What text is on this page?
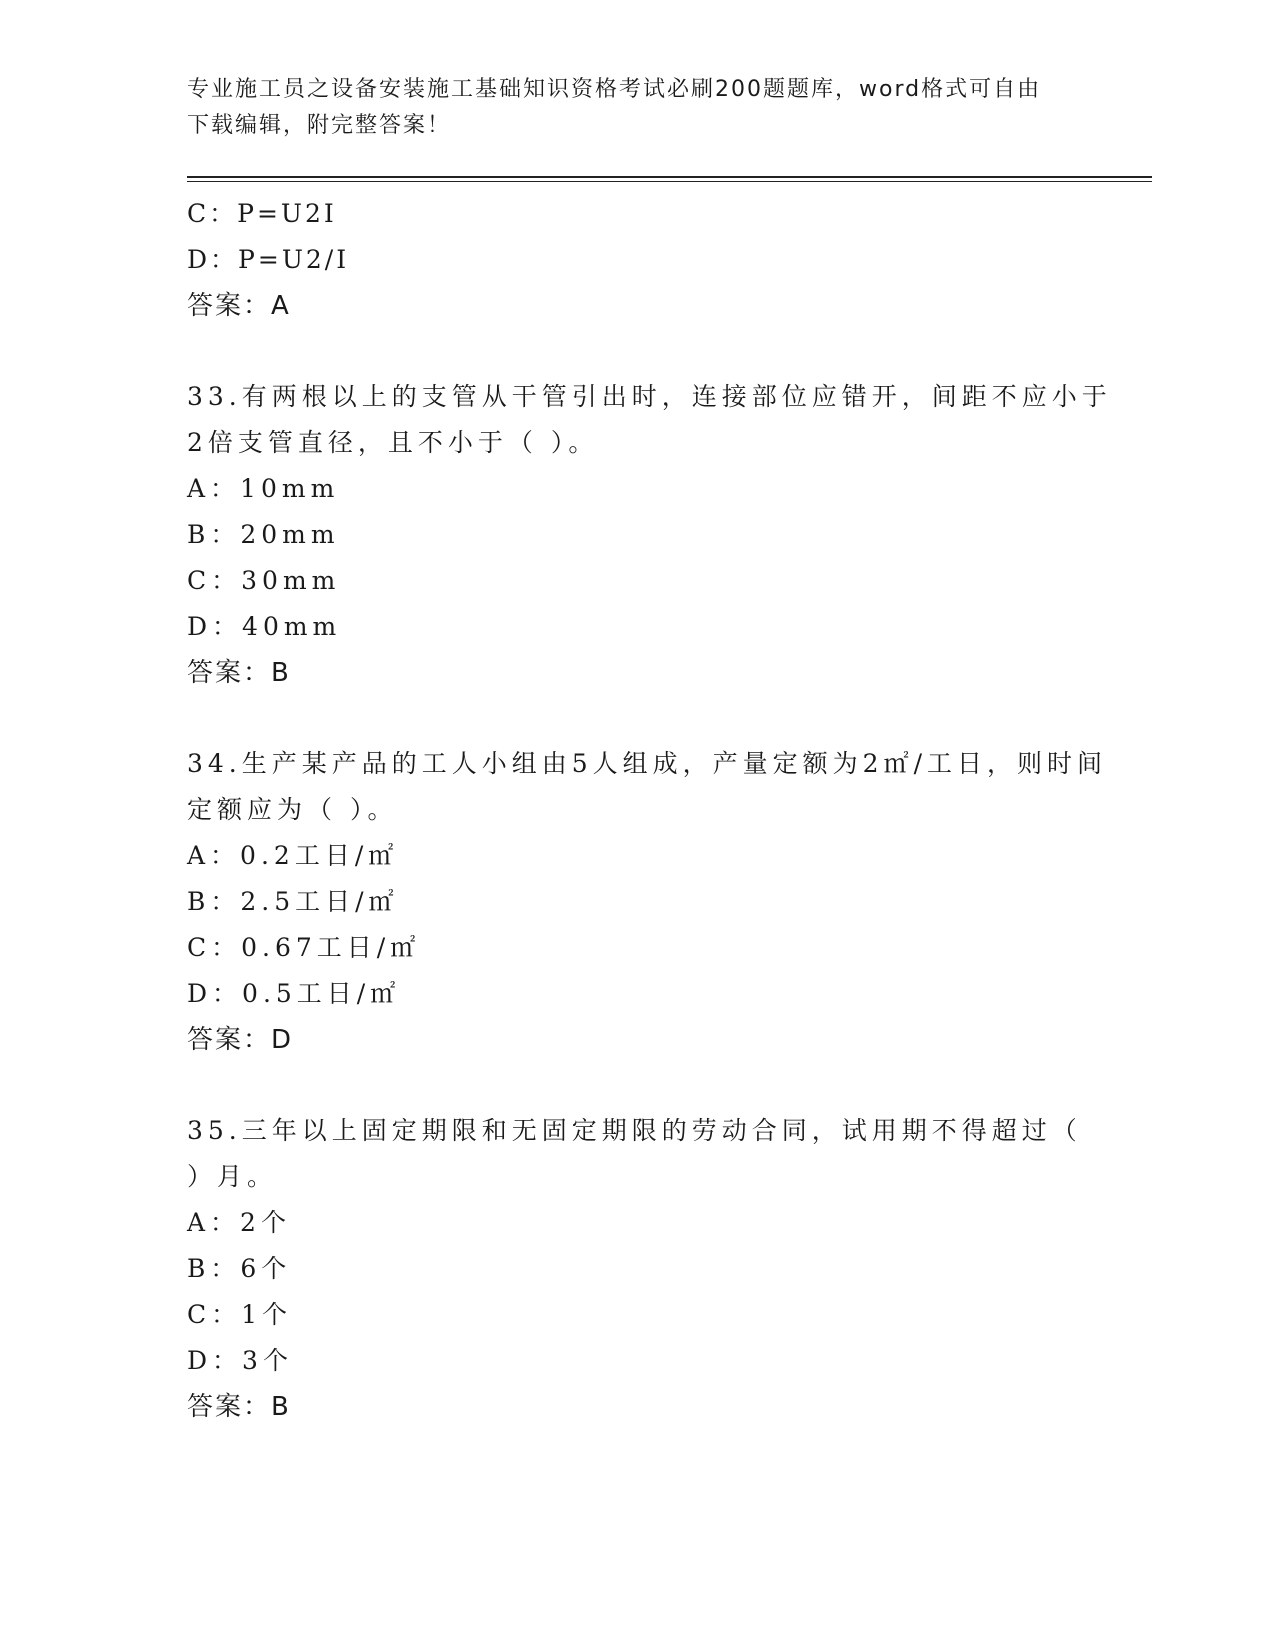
专业施工员之设备安装施工基础知识资格考试必刷200题题库，word格式可自由
下载编辑，附完整答案！
C：P=U2I
D：P=U2/I
答案：A
33.有两根以上的支管从干管引出时，连接部位应错开，间距不应小于
2倍支管直径，且不小于（ ）。
A：10mm
B：20mm
C：30mm
D：40mm
答案：B
34.生产某产品的工人小组由5人组成，产量定额为2㎡/工日，则时间
定额应为（ ）。
A：0.2工日/㎡
B：2.5工日/㎡
C：0.67工日/㎡
D：0.5工日/㎡
答案：D
35.三年以上固定期限和无固定期限的劳动合同，试用期不得超过（
）月。
A：2个
B：6个
C：1个
D：3个
答案：B
